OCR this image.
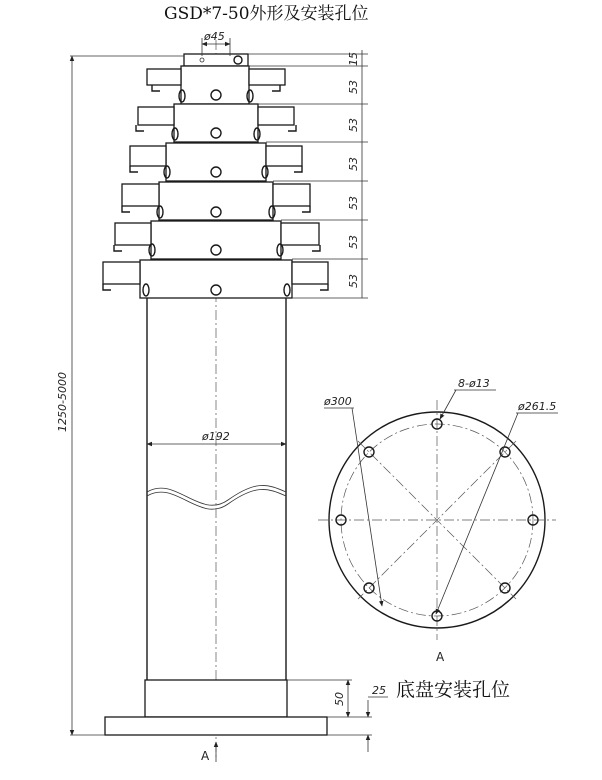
GSD*7-50外形及安装孔位
ø45
1250-5000
15
53
53
53
53
53
53
ø192
50
25
A
ø300
8-ø13
ø261.5
A
底盘安装孔位
